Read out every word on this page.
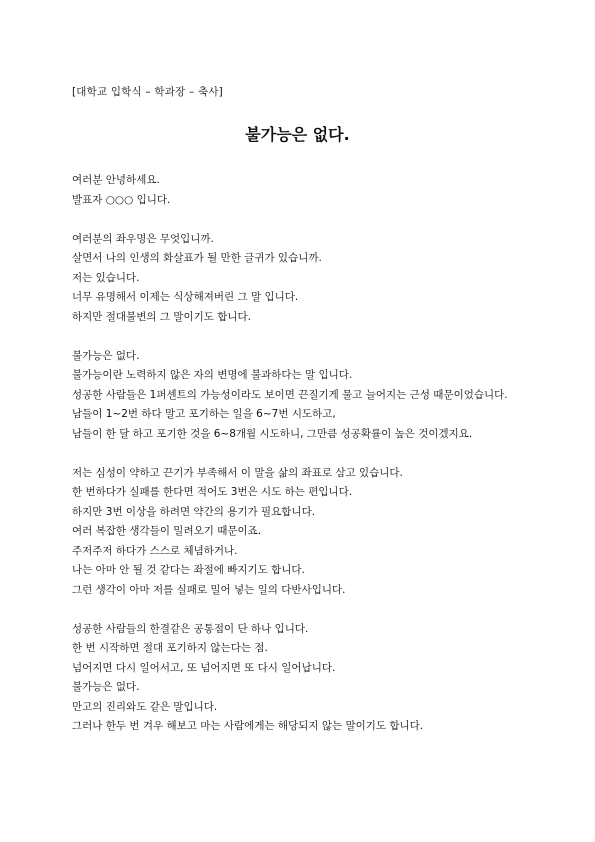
[대학교 입학식 – 학과장 – 축사]
불가능은 없다.
여러분 안녕하세요.
발표자 ○○○ 입니다.
여러분의 좌우명은 무엇입니까.
살면서 나의 인생의 화살표가 될 만한 글귀가 있습니까.
저는 있습니다.
너무 유명해서 이제는 식상해져버린 그 말 입니다.
하지만 절대불변의 그 말이기도 합니다.
불가능은 없다.
불가능이란 노력하지 않은 자의 변명에 불과하다는 말 입니다.
성공한 사람들은 1퍼센트의 가능성이라도 보이면 끈질기게 물고 늘어지는 근성 때문이었습니다.
남들이 1~2번 하다 말고 포기하는 일을 6~7번 시도하고,
남들이 한 달 하고 포기한 것을 6~8개월 시도하니, 그만큼 성공확률이 높은 것이겠지요.
저는 심성이 약하고 끈기가 부족해서 이 말을 삶의 좌표로 삼고 있습니다.
한 번하다가 실패를 한다면 적어도 3번은 시도 하는 편입니다.
하지만 3번 이상을 하려면 약간의 용기가 필요합니다.
여러 복잡한 생각들이 밀려오기 때문이죠.
주저주저 하다가 스스로 체념하거나.
나는 아마 안 될 것 같다는 좌절에 빠지기도 합니다.
그런 생각이 아마 저를 실패로 밀어 넣는 일의 다반사입니다.
성공한 사람들의 한결같은 공통점이 단 하나 입니다.
한 번 시작하면 절대 포기하지 않는다는 점.
넘어지면 다시 일어서고, 또 넘어지면 또 다시 일어납니다.
불가능은 없다.
만고의 진리와도 같은 말입니다.
그러나 한두 번 겨우 해보고 마는 사람에게는 해당되지 않는 말이기도 합니다.
